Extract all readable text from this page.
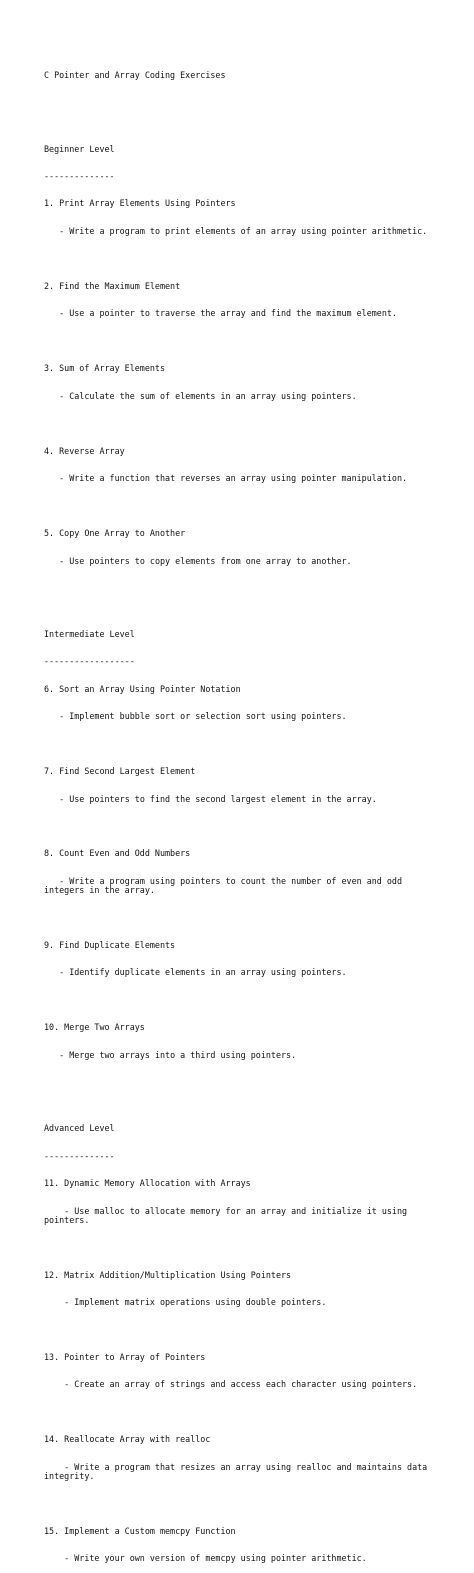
C Pointer and Array Coding Exercises

Beginner Level

--------------

1. Print Array Elements Using Pointers

- Write a program to print elements of an array using pointer arithmetic.

2. Find the Maximum Element

- Use a pointer to traverse the array and find the maximum element.

3. Sum of Array Elements

- Calculate the sum of elements in an array using pointers.

4. Reverse Array

- Write a function that reverses an array using pointer manipulation.

5. Copy One Array to Another

- Use pointers to copy elements from one array to another.

Intermediate Level

------------------

6. Sort an Array Using Pointer Notation

- Implement bubble sort or selection sort using pointers.

7. Find Second Largest Element

- Use pointers to find the second largest element in the array.

8. Count Even and Odd Numbers

- Write a program using pointers to count the number of even and odd integers in the array.

9. Find Duplicate Elements

- Identify duplicate elements in an array using pointers.

10. Merge Two Arrays

- Merge two arrays into a third using pointers.

Advanced Level

--------------

11. Dynamic Memory Allocation with Arrays

- Use malloc to allocate memory for an array and initialize it using pointers.

12. Matrix Addition/Multiplication Using Pointers

- Implement matrix operations using double pointers.

13. Pointer to Array of Pointers

- Create an array of strings and access each character using pointers.

14. Reallocate Array with realloc

- Write a program that resizes an array using realloc and maintains data integrity.

15. Implement a Custom memcpy Function

- Write your own version of memcpy using pointer arithmetic.
